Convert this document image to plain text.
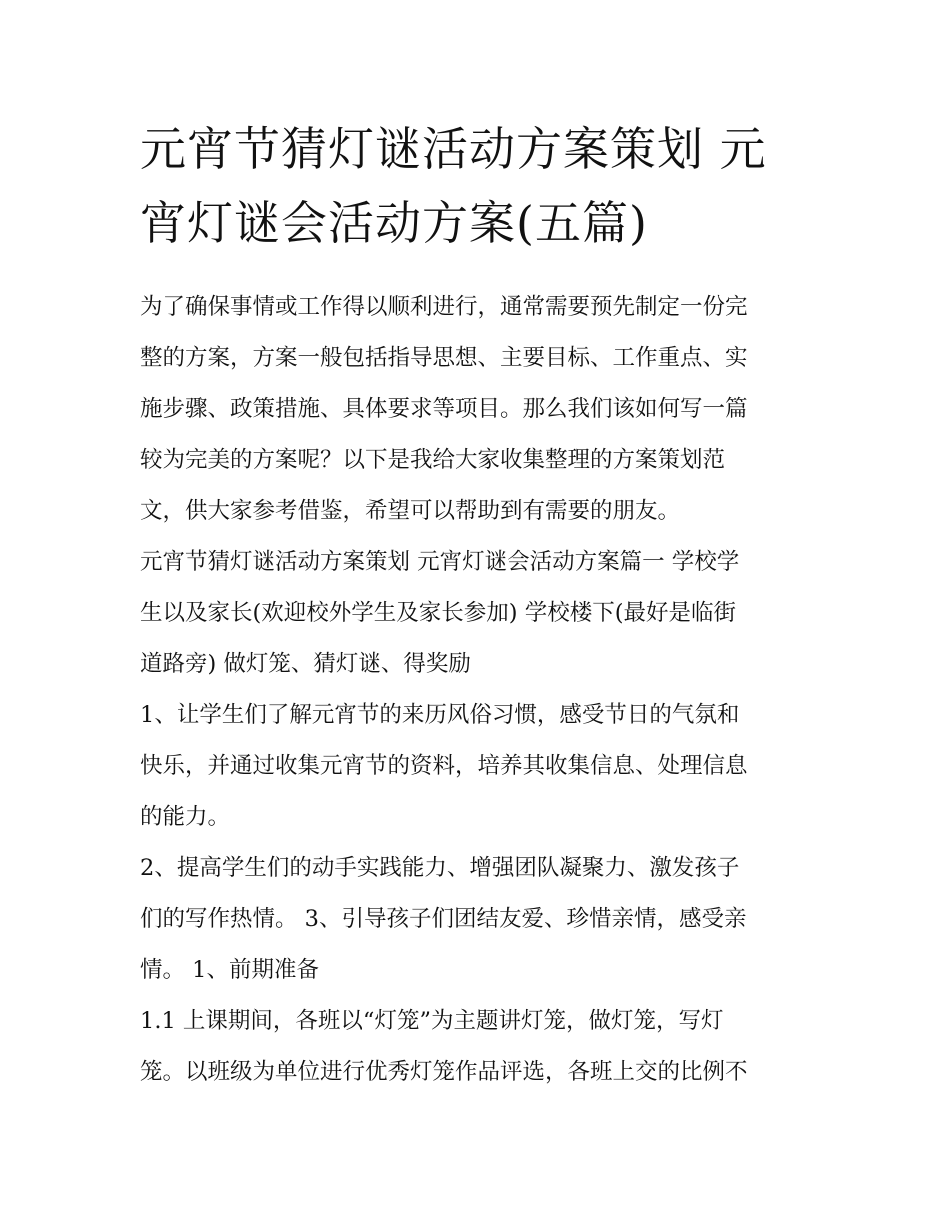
元宵节猜灯谜活动方案策划 元
宵灯谜会活动方案(五篇)
为了确保事情或工作得以顺利进行，通常需要预先制定一份完
整的方案，方案一般包括指导思想、主要目标、工作重点、实
施步骤、政策措施、具体要求等项目。那么我们该如何写一篇
较为完美的方案呢？以下是我给大家收集整理的方案策划范
文，供大家参考借鉴，希望可以帮助到有需要的朋友。
元宵节猜灯谜活动方案策划 元宵灯谜会活动方案篇一 学校学
生以及家长(欢迎校外学生及家长参加) 学校楼下(最好是临街
道路旁) 做灯笼、猜灯谜、得奖励
1、让学生们了解元宵节的来历风俗习惯，感受节日的气氛和
快乐，并通过收集元宵节的资料，培养其收集信息、处理信息
的能力。
2、提高学生们的动手实践能力、增强团队凝聚力、激发孩子
们的写作热情。 3、引导孩子们团结友爱、珍惜亲情，感受亲
情。 1、前期准备
1.1 上课期间，各班以“灯笼”为主题讲灯笼，做灯笼，写灯
笼。以班级为单位进行优秀灯笼作品评选，各班上交的比例不
